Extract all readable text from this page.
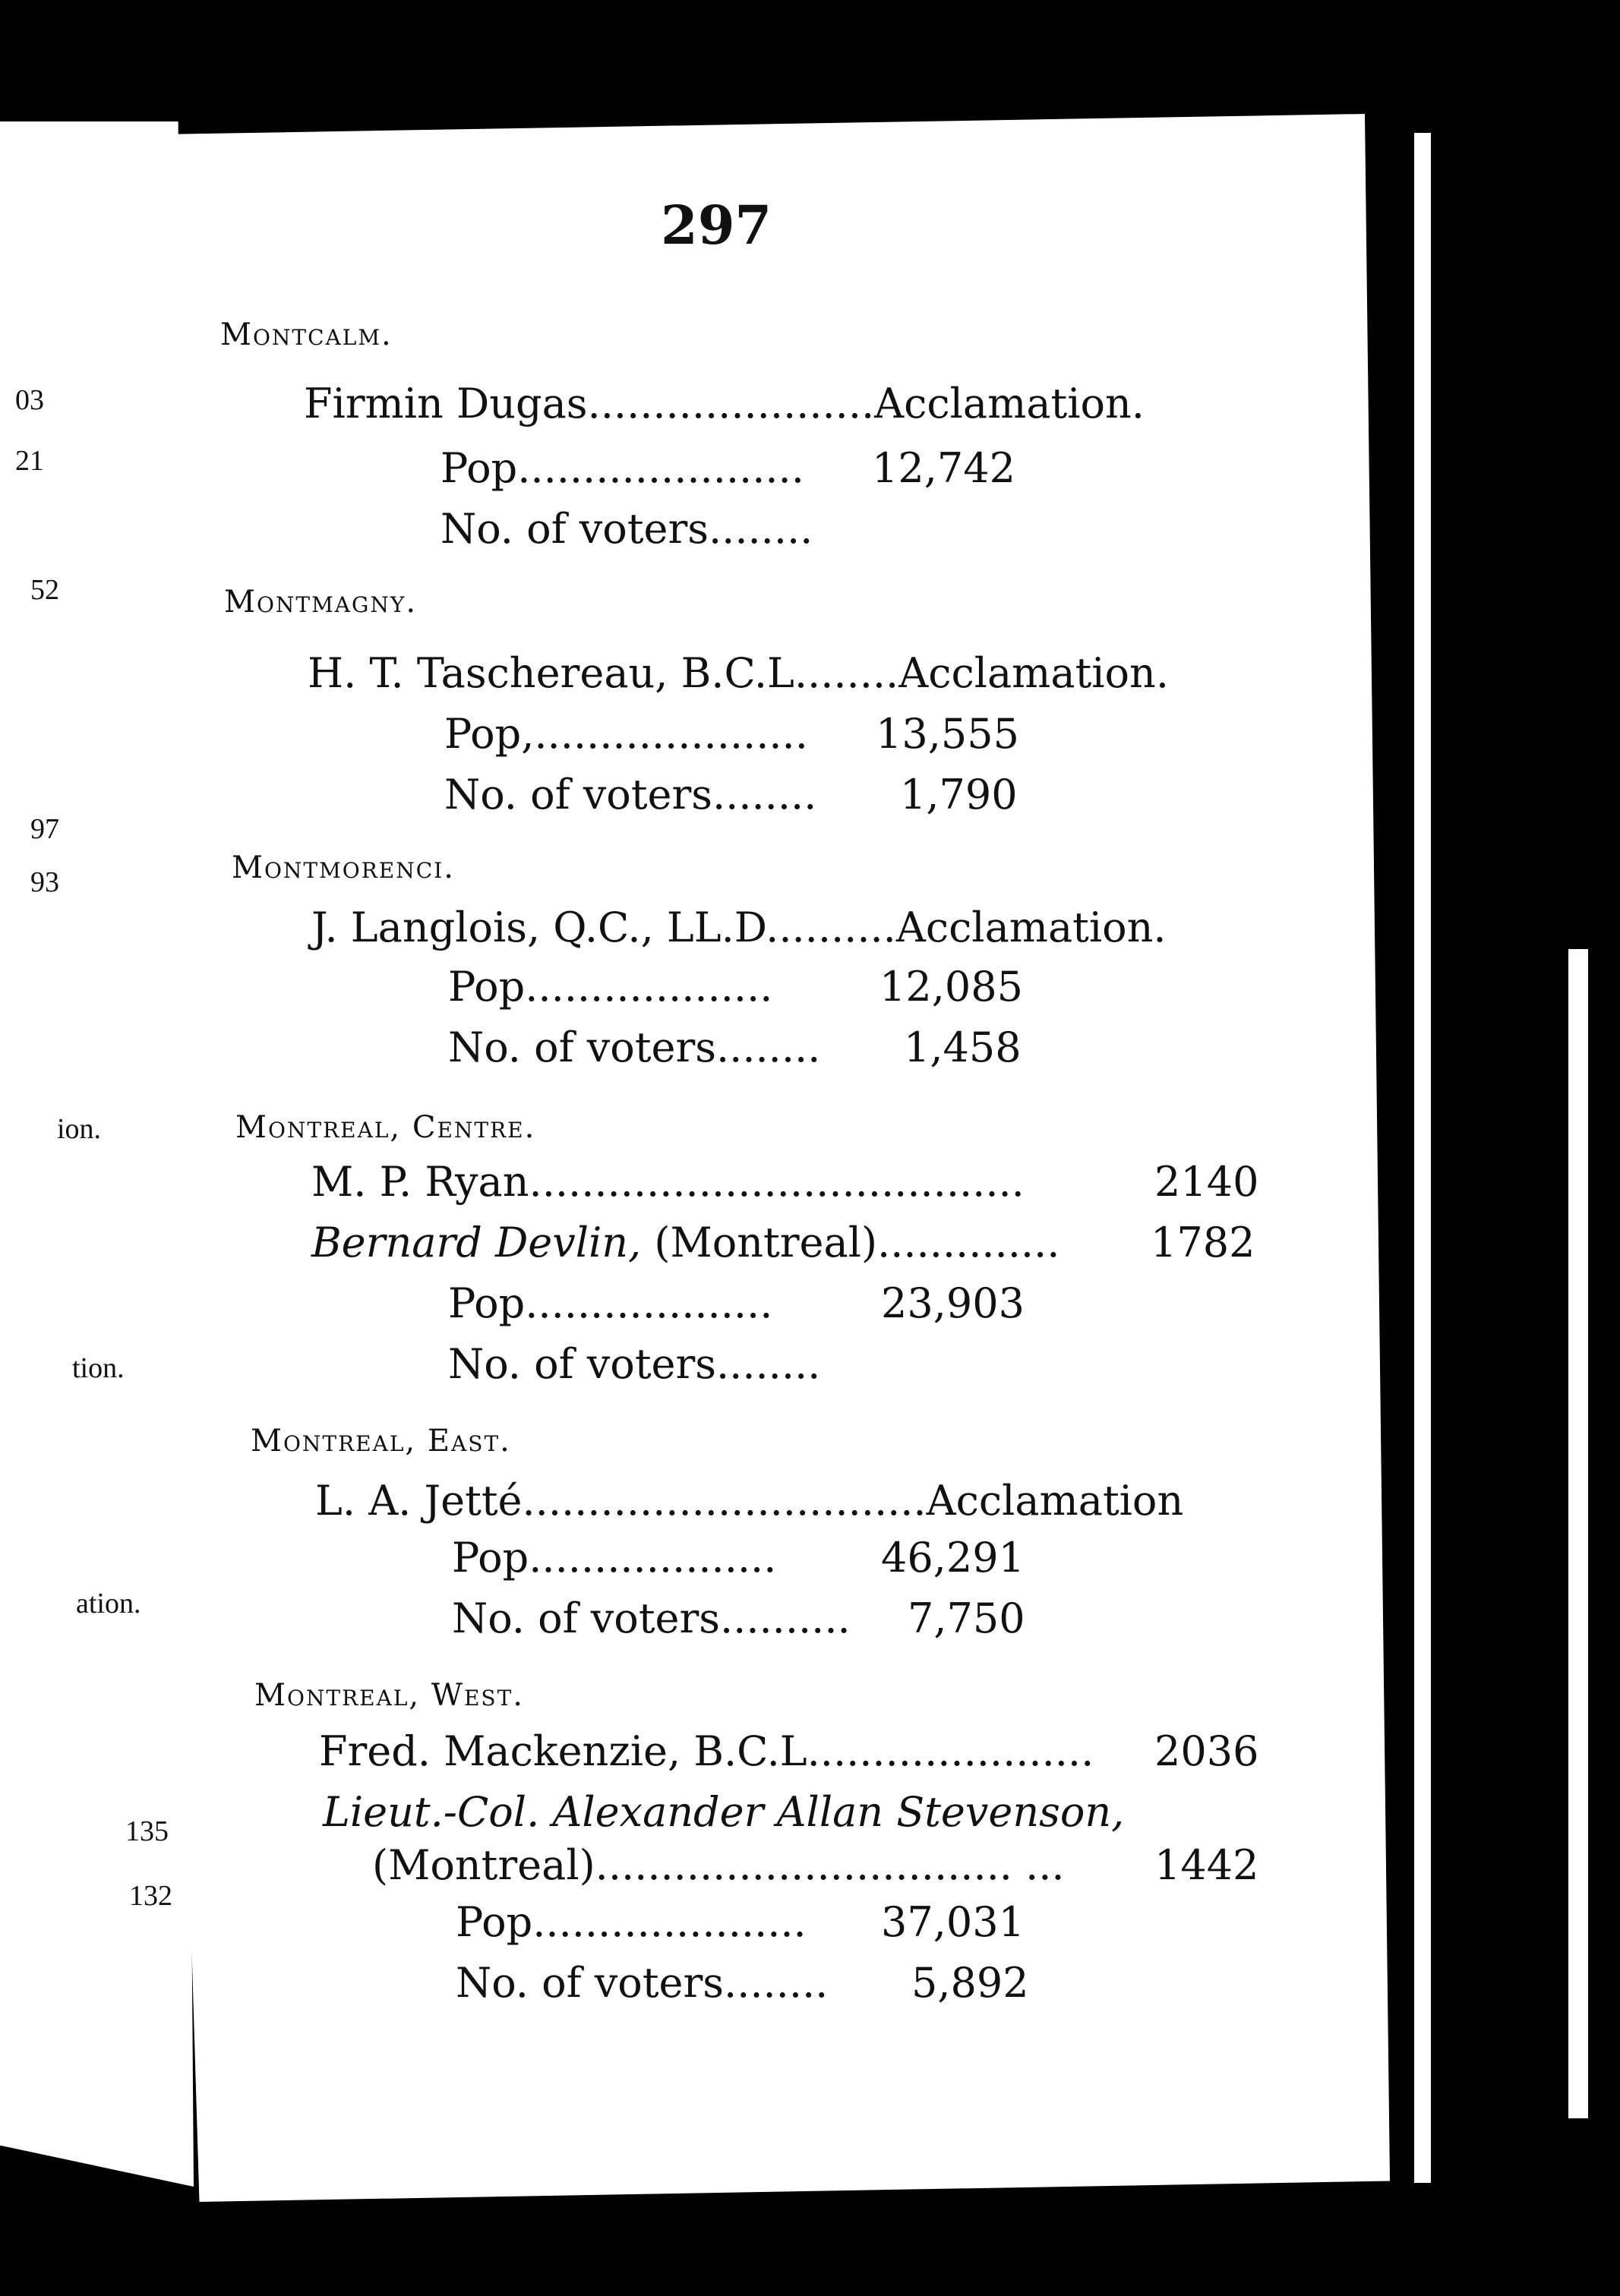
03
21
52
97
93
ion.
tion.
ation.
135
132
297
Montcalm.
Firmin Dugas......................Acclamation.
Pop...................... 12,742
No. of voters........
Montmagny.
H. T. Taschereau, B.C.L........Acclamation.
Pop,..................... 13,555
No. of voters........ 1,790
Montmorenci.
J. Langlois, Q.C., LL.D..........Acclamation.
Pop...................	12,085
No. of voters........ 1,458
Montreal, Centre.
M. P. Ryan......................................	2140
Bernard Devlin, (Montreal).............. 1782
Pop...................	23,903
No. of voters........
Montreal, East.
L. A. Jetté...............................Acclamation
Pop...................	46,291
No. of voters.......... 7,750
Montreal, West.
Fred. Mackenzie, B.C.L...................... 2036
Lieut.-Col. Alexander Allan Stevenson,
(Montreal)................................ ... 1442
Pop..................... 37,031
No. of voters........ 5,892
